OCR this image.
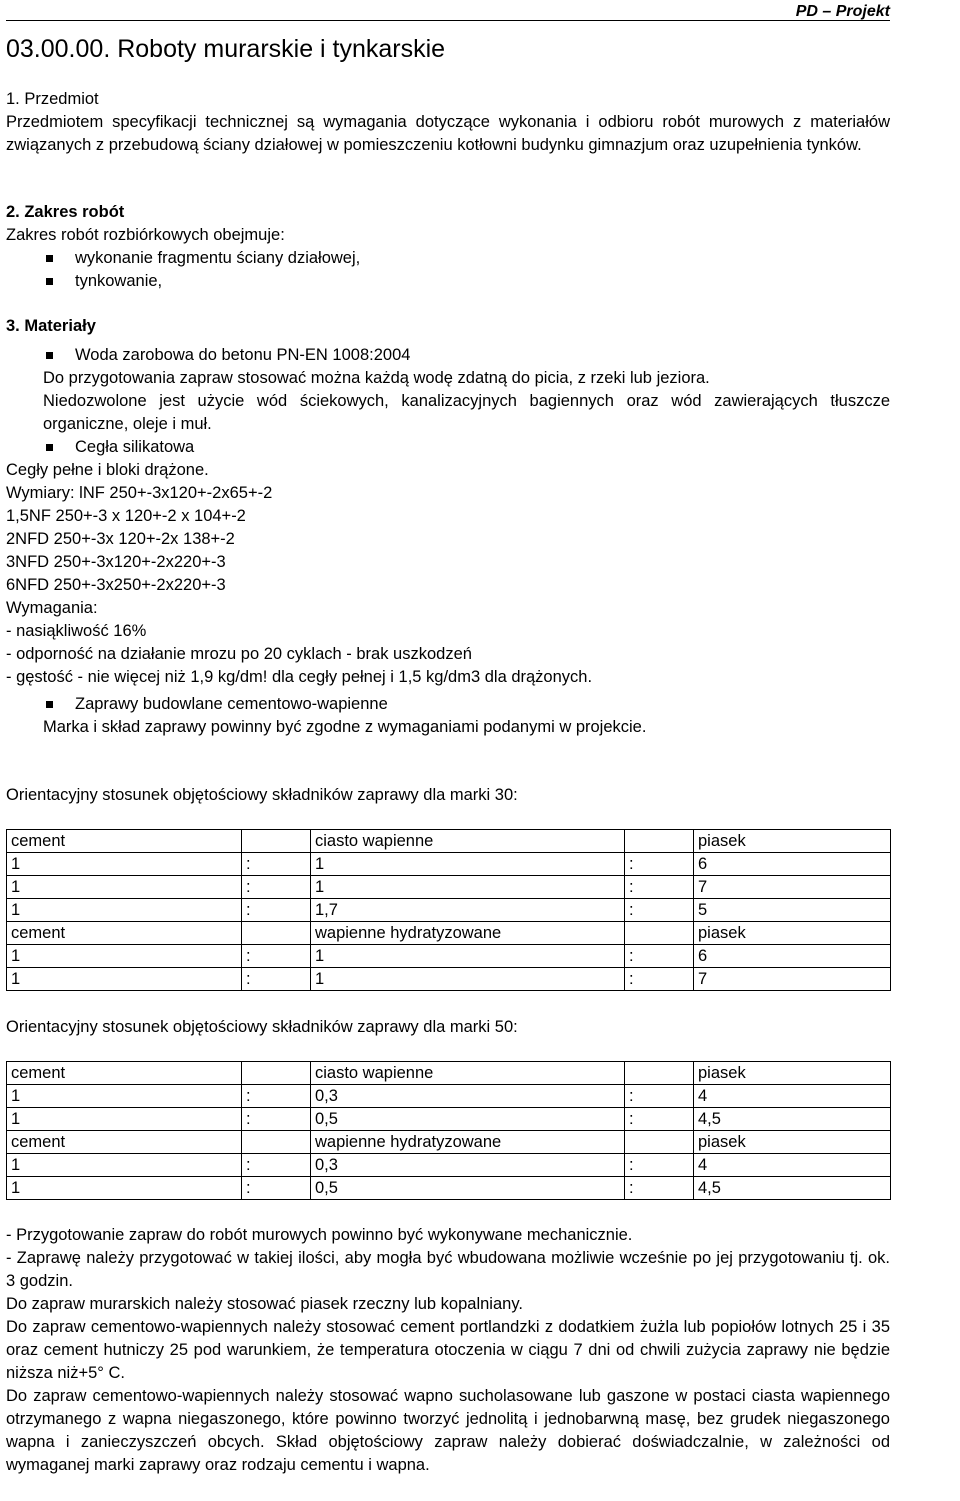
PD – Projekt
03.00.00. Roboty murarskie i tynkarskie

1. Przedmiot

Przedmiotem specyfikacji technicznej są wymagania dotyczące wykonania i odbioru robót murowych z materiałów związanych z przebudową ściany działowej w pomieszczeniu kotłowni budynku gimnazjum oraz uzupełnienia tynków.

2. Zakres robót

Zakres robót rozbiórkowych obejmuje:

wykonanie fragmentu ściany działowej,

tynkowanie,

3. Materiały

Woda zarobowa do betonu PN-EN 1008:2004

Do przygotowania zapraw stosować można każdą wodę zdatną do picia, z rzeki lub jeziora.

Niedozwolone jest użycie wód ściekowych, kanalizacyjnych bagiennych oraz wód zawierających tłuszcze organiczne, oleje i muł.

Cegła silikatowa

Cegły pełne i bloki drążone.

Wymiary: lNF 250+-3x120+-2x65+-2

1,5NF 250+-3 x 120+-2 x 104+-2

2NFD 250+-3x 120+-2x 138+-2

3NFD 250+-3x120+-2x220+-3

6NFD 250+-3x250+-2x220+-3

Wymagania:

- nasiąkliwość 16%

- odporność na działanie mrozu po 20 cyklach - brak uszkodzeń

- gęstość - nie więcej niż 1,9 kg/dm! dla cegły pełnej i 1,5 kg/dm3 dla drążonych.

Zaprawy budowlane cementowo-wapienne

Marka i skład zaprawy powinny być zgodne z wymaganiami podanymi w projekcie.

Orientacyjny stosunek objętościowy składników zaprawy dla marki 30:
cement		ciasto wapienne		piasek
1	:	1	:	6
1	:	1	:	7
1	:	1,7	:	5
cement		wapienne hydratyzowane		piasek
1	:	1	:	6
1	:	1	:	7
Orientacyjny stosunek objętościowy składników zaprawy dla marki 50:
cement		ciasto wapienne		piasek
1	:	0,3	:	4
1	:	0,5	:	4,5
cement		wapienne hydratyzowane		piasek
1	:	0,3	:	4
1	:	0,5	:	4,5

- Przygotowanie zapraw do robót murowych powinno być wykonywane mechanicznie.

- Zaprawę należy przygotować w takiej ilości, aby mogła być wbudowana możliwie wcześnie po jej przygotowaniu tj. ok. 3 godzin.

Do zapraw murarskich należy stosować piasek rzeczny lub kopalniany.

Do zapraw cementowo-wapiennych należy stosować cement portlandzki z dodatkiem żużla lub popiołów lotnych 25 i 35 oraz cement hutniczy 25 pod warunkiem, że temperatura otoczenia w ciągu 7 dni od chwili zużycia zaprawy nie będzie niższa niż+5° C.

Do zapraw cementowo-wapiennych należy stosować wapno sucholasowane lub gaszone w postaci ciasta wapiennego otrzymanego z wapna niegaszonego, które powinno tworzyć jednolitą i jednobarwną masę, bez grudek niegaszonego wapna i zanieczyszczeń obcych. Skład objętościowy zapraw należy dobierać doświadczalnie, w zależności od wymaganej marki zaprawy oraz rodzaju cementu i wapna.
